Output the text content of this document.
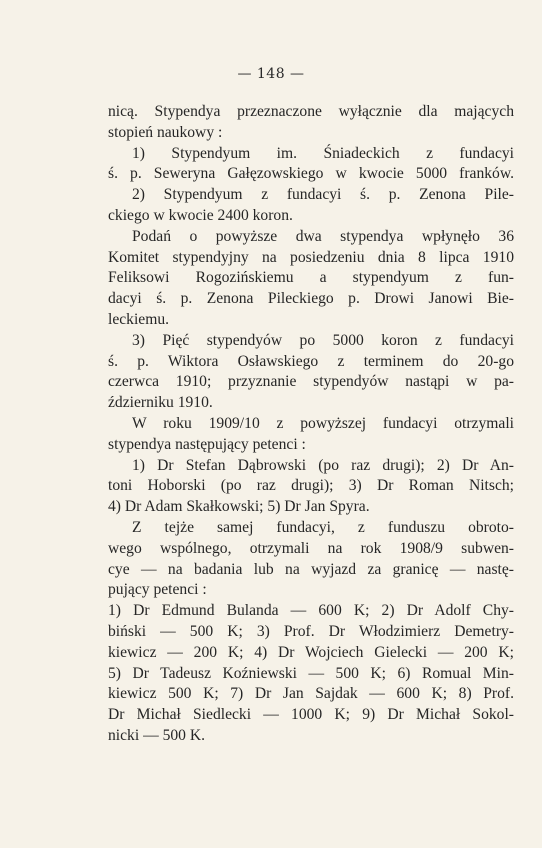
— 148 —
nicą. Stypendya przeznaczone wyłącznie dla mających
stopień naukowy :
1) Stypendyum im. Śniadeckich z fundacyi
ś. p. Seweryna Gałęzowskiego w kwocie 5000 franków.
2) Stypendyum z fundacyi ś. p. Zenona Pile-
ckiego w kwocie 2400 koron.
Podań o powyższe dwa stypendya wpłynęło 36
Komitet stypendyjny na posiedzeniu dnia 8 lipca 1910
Feliksowi Rogozińskiemu a stypendyum z fun-
dacyi ś. p. Zenona Pileckiego p. Drowi Janowi Bie-
leckiemu.
3) Pięć stypendyów po 5000 koron z fundacyi
ś. p. Wiktora Osławskiego z terminem do 20-go
czerwca 1910; przyznanie stypendyów nastąpi w pa-
ździerniku 1910.
W roku 1909/10 z powyższej fundacyi otrzymali
stypendya następujący petenci :
1) Dr Stefan Dąbrowski (po raz drugi); 2) Dr An-
toni Hoborski (po raz drugi); 3) Dr Roman Nitsch;
4) Dr Adam Skałkowski; 5) Dr Jan Spyra.
Z tejże samej fundacyi, z funduszu obroto-
wego wspólnego, otrzymali na rok 1908/9 subwen-
cye — na badania lub na wyjazd za granicę — nastę-
pujący petenci :
1) Dr Edmund Bulanda — 600 K; 2) Dr Adolf Chy-
biński — 500 K; 3) Prof. Dr Włodzimierz Demetry-
kiewicz — 200 K; 4) Dr Wojciech Gielecki — 200 K;
5) Dr Tadeusz Koźniewski — 500 K; 6) Romual Min-
kiewicz 500 K; 7) Dr Jan Sajdak — 600 K; 8) Prof.
Dr Michał Siedlecki — 1000 K; 9) Dr Michał Sokol-
nicki — 500 K.
